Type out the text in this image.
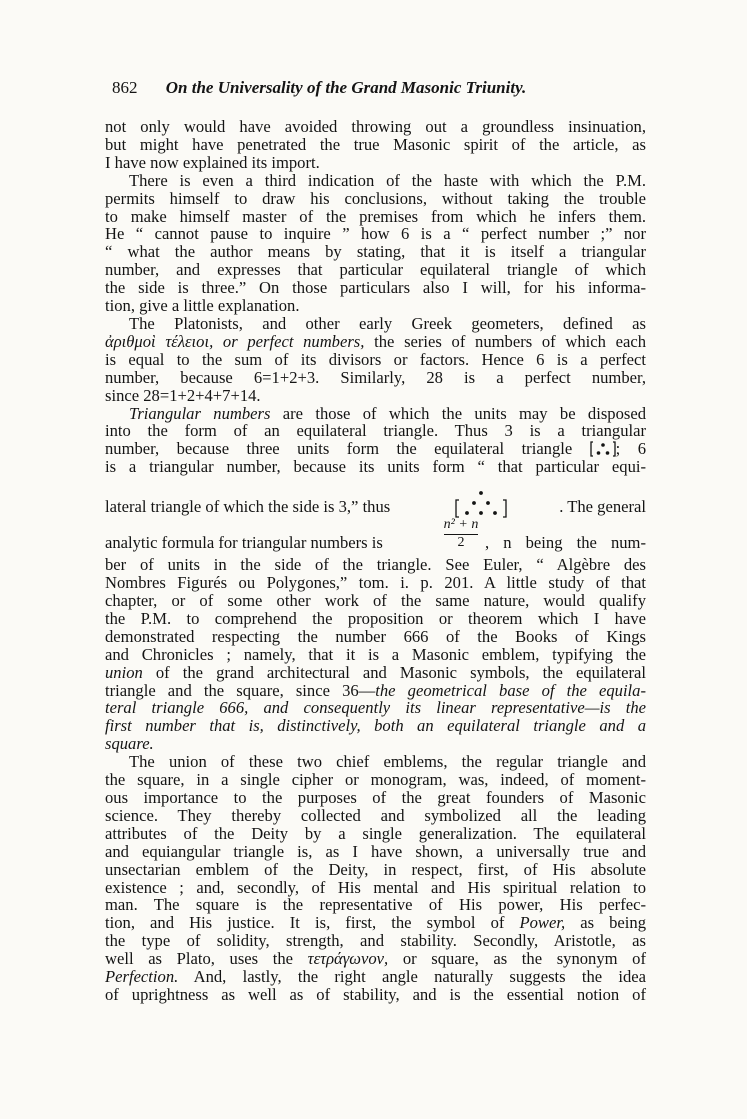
862 On the Universality of the Grand Masonic Triunity.

not only would have avoided throwing out a groundless insinuation,
but might have penetrated the true Masonic spirit of the article, as
I have now explained its import.

There is even a third indication of the haste with which the P.M.
permits himself to draw his conclusions, without taking the trouble
to make himself master of the premises from which he infers them.
He “ cannot pause to inquire ” how 6 is a “ perfect number ;” nor
“ what the author means by stating, that it is itself a triangular
number, and expresses that particular equilateral triangle of which
the side is three.” On those particulars also I will, for his informa-
tion, give a little explanation.

The Platonists, and other early Greek geometers, defined as
ἀριθμοὶ τέλειοι, or perfect numbers, the series of numbers of which each
is equal to the sum of its divisors or factors. Hence 6 is a perfect
number, because 6=1+2+3. Similarly, 28 is a perfect number,
since 28=1+2+4+7+14.

Triangular numbers are those of which the units may be disposed
into the form of an equilateral triangle. Thus 3 is a triangular
number, because three units form the equilateral triangle	; 6
is a triangular number, because its units form “ that particular equi-
lateral triangle of which the side is 3,” thus	. The general
analytic formula for triangular numbers is
n² + n
2	, n being the num-
ber of units in the side of the triangle. See Euler, “ Algèbre des
Nombres Figurés ou Polygones,” tom. i. p. 201. A little study of that
chapter, or of some other work of the same nature, would qualify
the P.M. to comprehend the proposition or theorem which I have
demonstrated respecting the number 666 of the Books of Kings
and Chronicles ; namely, that it is a Masonic emblem, typifying the
union of the grand architectural and Masonic symbols, the equilateral
triangle and the square, since 36—the geometrical base of the equila-
teral triangle 666, and consequently its linear representative—is the
first number that is, distinctively, both an equilateral triangle and a
square.

The union of these two chief emblems, the regular triangle and
the square, in a single cipher or monogram, was, indeed, of moment-
ous importance to the purposes of the great founders of Masonic
science. They thereby collected and symbolized all the leading
attributes of the Deity by a single generalization. The equilateral
and equiangular triangle is, as I have shown, a universally true and
unsectarian emblem of the Deity, in respect, first, of His absolute
existence ; and, secondly, of His mental and His spiritual relation to
man. The square is the representative of His power, His perfec-
tion, and His justice. It is, first, the symbol of Power, as being
the type of solidity, strength, and stability. Secondly, Aristotle, as
well as Plato, uses the τετράγωνον, or square, as the synonym of
Perfection. And, lastly, the right angle naturally suggests the idea
of uprightness as well as of stability, and is the essential notion of
